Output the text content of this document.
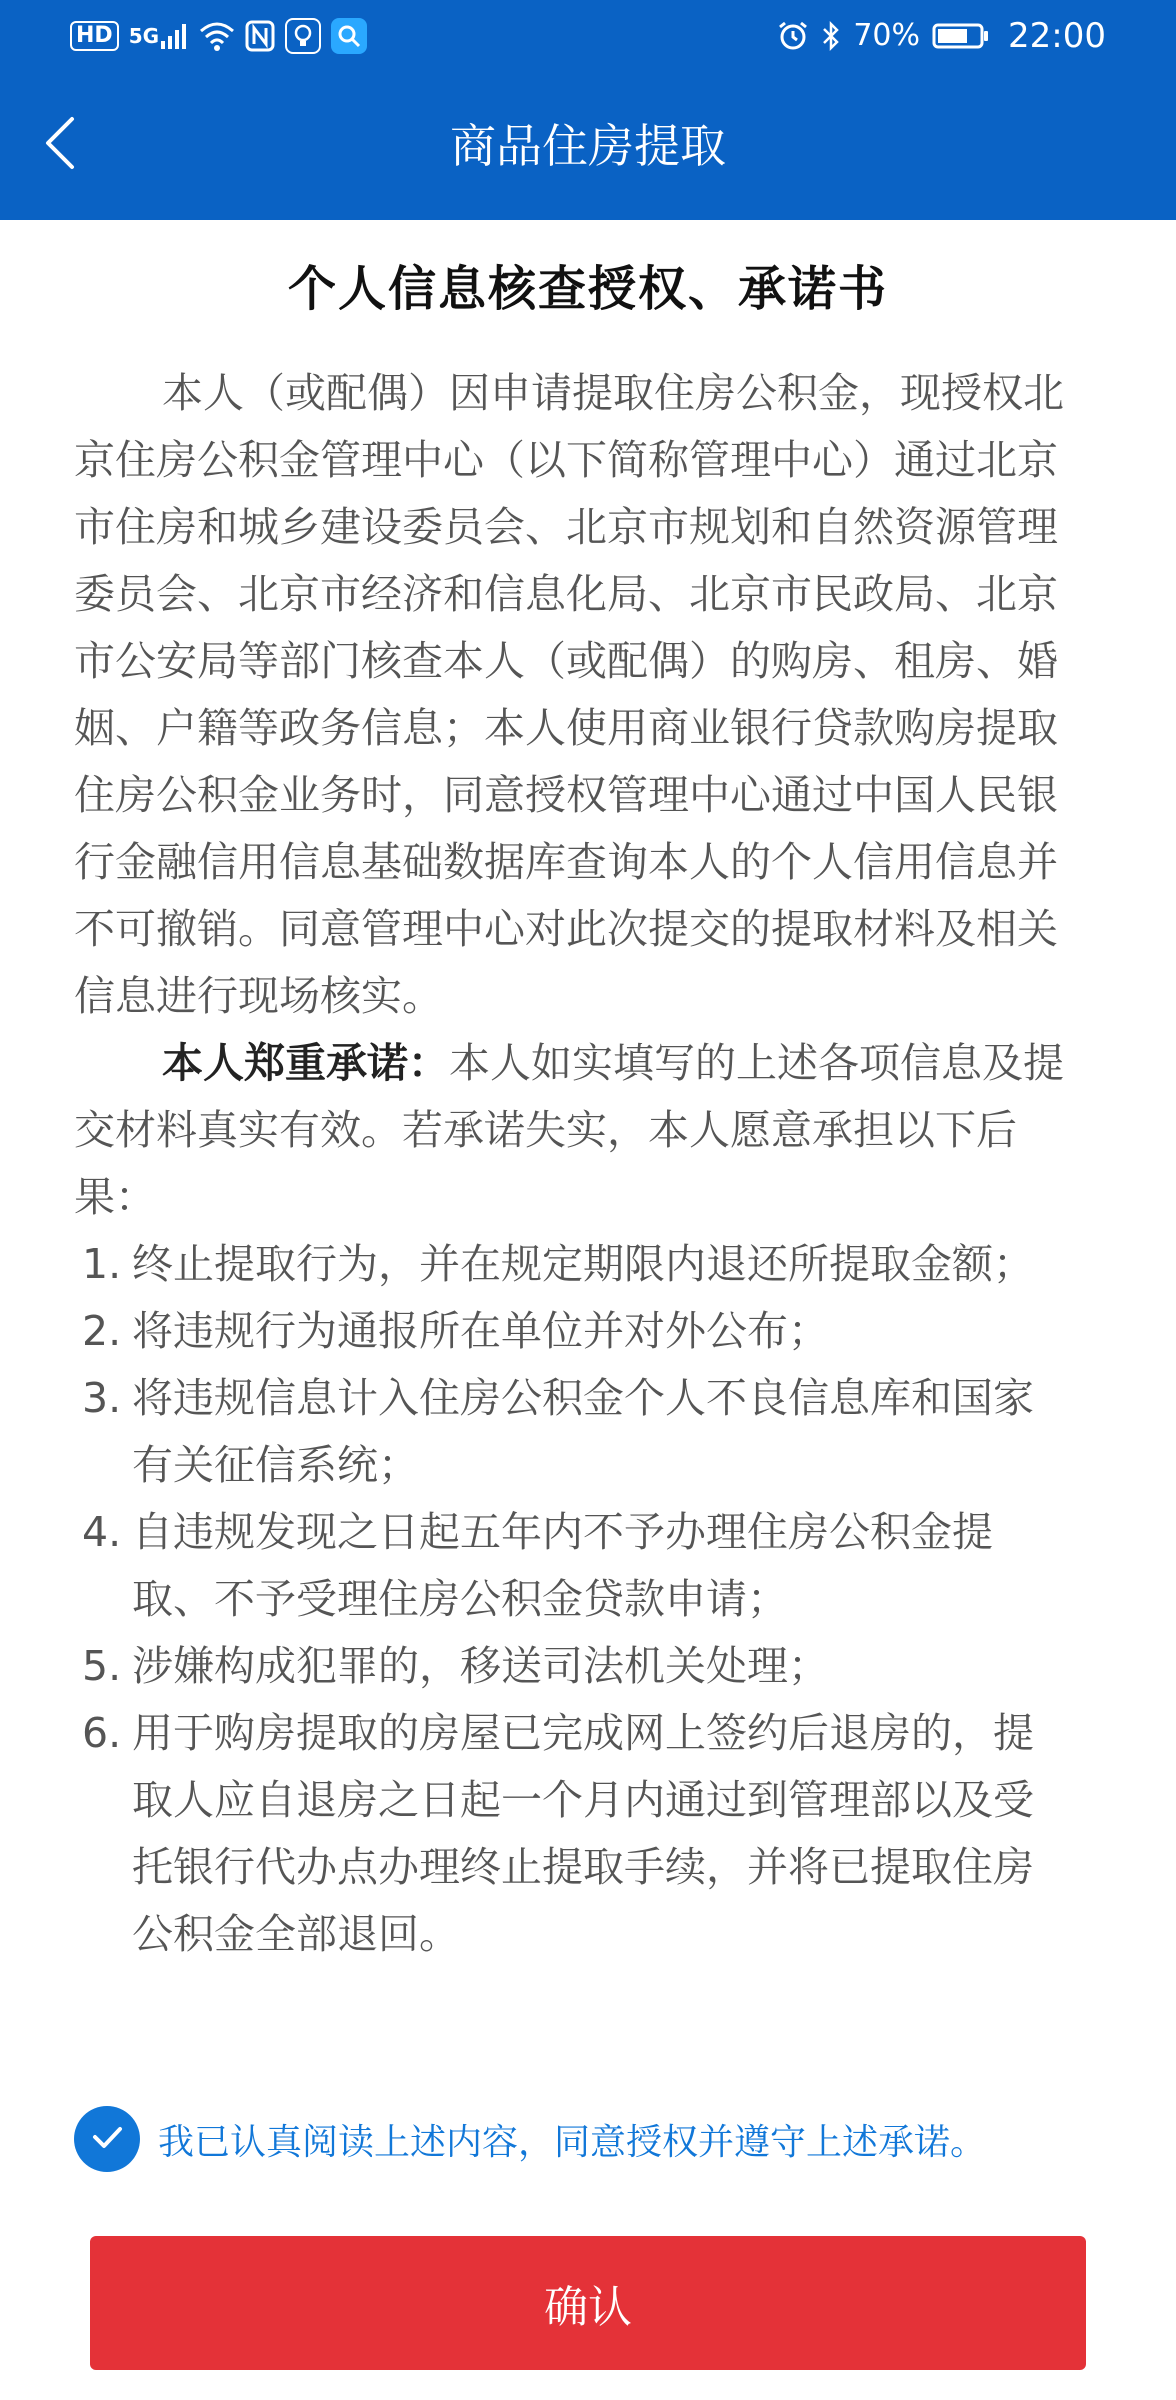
HD 5G	70%	22:00
商品住房提取
个人信息核查授权、承诺书

本人（或配偶）因申请提取住房公积金，现授权北京住房公积金管理中心（以下简称管理中心）通过北京市住房和城乡建设委员会、北京市规划和自然资源管理委员会、北京市经济和信息化局、北京市民政局、北京市公安局等部门核查本人（或配偶）的购房、租房、婚姻、户籍等政务信息；本人使用商业银行贷款购房提取住房公积金业务时，同意授权管理中心通过中国人民银行金融信用信息基础数据库查询本人的个人信用信息并不可撤销。同意管理中心对此次提交的提取材料及相关信息进行现场核实。

本人郑重承诺：本人如实填写的上述各项信息及提交材料真实有效。若承诺失实，本人愿意承担以下后果：

1. 终止提取行为，并在规定期限内退还所提取金额；
2. 将违规行为通报所在单位并对外公布；
3. 将违规信息计入住房公积金个人不良信息库和国家有关征信系统；
4. 自违规发现之日起五年内不予办理住房公积金提取、不予受理住房公积金贷款申请；
5. 涉嫌构成犯罪的，移送司法机关处理；
6. 用于购房提取的房屋已完成网上签约后退房的，提取人应自退房之日起一个月内通过到管理部以及受托银行代办点办理终止提取手续，并将已提取住房公积金全部退回。
我已认真阅读上述内容，同意授权并遵守上述承诺。
确认
